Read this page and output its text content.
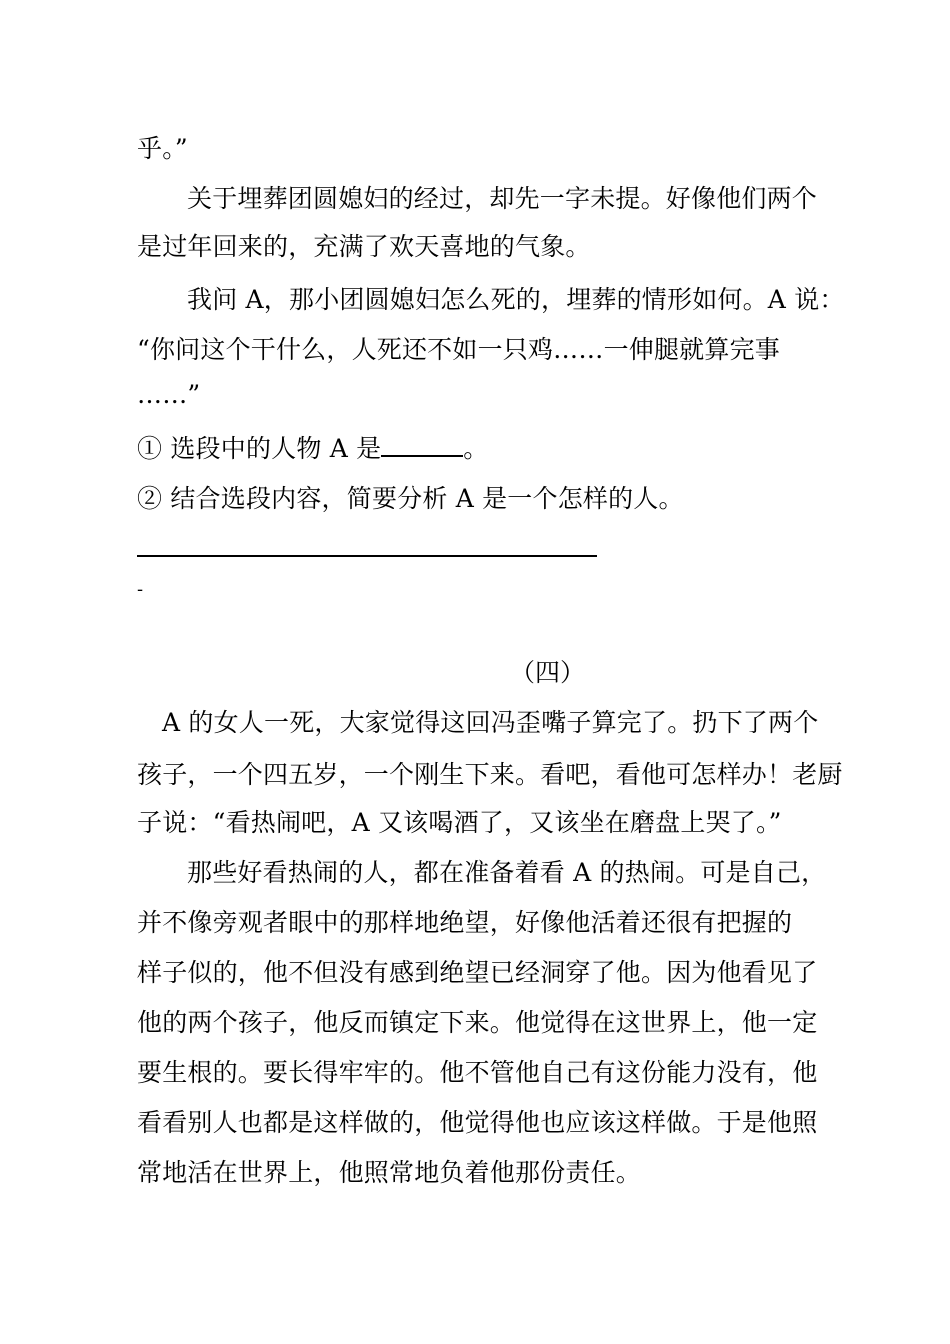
乎。”
关于埋葬团圆媳妇的经过，却先一字未提。好像他们两个
是过年回来的，充满了欢天喜地的气象。
我问 A，那小团圆媳妇怎么死的，埋葬的情形如何。A 说：
“你问这个干什么，人死还不如一只鸡……一伸腿就算完事
……”
① 选段中的人物 A 是	。
② 结合选段内容，简要分析 A 是一个怎样的人。
-
（四）
A 的女人一死，大家觉得这回冯歪嘴子算完了。扔下了两个
孩子，一个四五岁，一个刚生下来。看吧，看他可怎样办！老厨
子说：“看热闹吧，A 又该喝酒了，又该坐在磨盘上哭了。”
那些好看热闹的人，都在准备着看 A 的热闹。可是自己，
并不像旁观者眼中的那样地绝望，好像他活着还很有把握的
样子似的，他不但没有感到绝望已经洞穿了他。因为他看见了
他的两个孩子，他反而镇定下来。他觉得在这世界上，他一定
要生根的。要长得牢牢的。他不管他自己有这份能力没有，他
看看别人也都是这样做的，他觉得他也应该这样做。于是他照
常地活在世界上，他照常地负着他那份责任。
